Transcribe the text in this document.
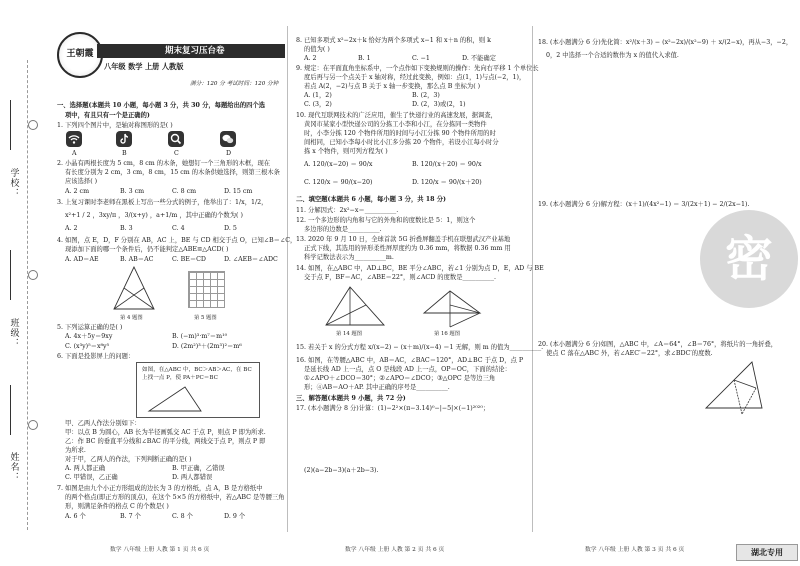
学校：
班级：
姓名：
王朝霞	期末复习压台卷
八年级 数学 上册 人教版
满分：120 分 考试时间：120 分钟
一、选择题(本题共 10 小题，每小题 3 分，共 30 分，每题给出的四个选
项中，有且只有一个是正确的)
1. 下列四个图片中，是轴对称图形的是( )
A	B	C	D
2. 小晶有两根长度为 5 cm，8 cm 的木条，她想钉一个三角形的木框，现在
有长度分别为 2 cm，3 cm，8 cm，15 cm 的木条供她选择，则第三根木条
应该选择( )
A. 2 cm	B. 3 cm	C. 8 cm	D. 15 cm
3. 上复习课时李老师在黑板上写出一些分式的例子，他举出了：1/x，1/2，
x²+1 / 2 ，3xy/π ，3/(x+y) ，a+1/m ，其中正确的个数为( )
A. 2	B. 3	C. 4	D. 5
4. 如图，点 E，D，F 分别在 AB，AC 上，BE 与 CD 相交于点 O，已知∠B＝∠C，
现添加下面的哪一个条件后，仍不能判定△ABE≌△ACD( )
A. AD＝AE	B. AB＝AC	C. BE＝CD	D. ∠AEB＝∠ADC
第 4 题图	第 5 题图
5. 下列运算正确的是( )
A. 4x＋5y＝9xy	B. (−m)³·m⁷＝m¹⁰
C. (x³y)⁵＝x⁸y⁵	D. (2m²)³＋(2m³)²＝m⁶
6. 下面是投影屏上的问题：
如图，在△ABC 中，BC＞AB＞AC，在 BC
上找一点 P，使 PA＋PC＝BC
甲、乙两人作法分别如下：
甲：以点 B 为圆心，AB 长为半径画弧交 AC 于点 P，则点 P 即为所求.
乙：作 BC 的垂直平分线和∠BAC 的平分线，两线交于点 P，则点 P 即
为所求.
对于甲，乙两人的作法，下列判断正确的是( )
A. 两人都正确	B. 甲正确，乙错误
C. 甲错误，乙正确	D. 两人都错误
7. 如图是由九个小正方形组成的边长为 3 的方格纸，点 A，B 是方格纸中
的两个格点(即正方形的顶点)，在这个 5×5 的方格纸中，若△ABC 是等腰三角
形，则满足条件的格点 C 的个数是( )
A. 6 个	B. 7 个	C. 8 个	D. 9 个
数学 八年级 上册 人教 第 1 页 共 6 页
8. 已知多项式 x²−2x＋k 恰好为两个多项式 x−1 和 x＋n 的积，则 k
的值为( )
A. 2	B. 1	C. −1	D. 不能确定
9. 规定：在平面直角坐标系中，一个点作如下变换规则的操作：先向右平移 1 个单位长
度后再与另一个点关于 x 轴对称，经过此变换，例如：点(1，1)与点(−2，1)，
若点 A(2，−2)与点 B 关于 x 轴一步变换，那么点 B 坐标为( )
A. (1，2)	B. (2，3)
C. (3，2)	D. (2，3)或(2，1)
10. 现代互联网技术的广泛应用，催生了快递行业的高速发展，据调查，
黄冈市某家小型快递公司的分拣工小李和小江，在分拣同一类物件
时，小李分拣 120 个物件所用的时间与小江分拣 90 个物件所用的时
间相同，已知小李每小时比小江多分拣 20 个物件，若设小江每小时分
拣 x 个物件，则可列方程为( )
A. 120/(x−20) ＝ 90/x	B. 120/(x＋20) ＝ 90/x
C. 120/x ＝ 90/(x−20)	D. 120/x ＝ 90/(x＋20)
二、填空题(本题共 6 小题，每小题 3 分，共 18 分)
11. 分解因式：2x²−x＝__________.
12. 一个多边形的内角和与它的外角和的度数比是 5：1，则这个
多边形的边数是__________.
13. 2020 年 9 月 10 日，全球首款 5G 折叠屏翻盖手机在联想武汉产业基地
正式下线，其选用的异形柔性屏厚度约为 0.36 mm，将数据 0.36 mm 用
科学记数法表示为__________m.
14. 如图，在△ABC 中，AD⊥BC，BE 平分∠ABC，若∠1 分别为点 D，E，AD 与 BE
交于点 F，BF＝AC，∠ABE＝22°，则∠ACD 的度数是__________.
第 14 题图	第 16 题图
15. 若关于 x 的分式方程 x/(x−2) − (x＋m)/(x−4) ＝1 无解，则 m 的值为__________.
16. 如图，在等腰△ABC 中，AB＝AC，∠BAC＝120°，AD⊥BC 于点 D，点 P
是延长线 AD 上一点，点 O 是线段 AD 上一点，OP＝OC，下面的结论：
①∠APO＋∠DCO＝30°；②∠APO＝∠DCO；③△OPC 是等边三角
形；④AB＝AO＋AP. 其中正确的序号是__________.
三、解答题(本题共 9 小题，共 72 分)
17. (本小题满分 8 分)计算：(1)−2²×(π−3.14)⁰−|−5|×(−1)²⁰²⁰；
(2)(a−2b−3)(a＋2b−3).
数学 八年级 上册 人教 第 2 页 共 6 页
18. (本小题满分 6 分)先化简：x²/(x＋3) − (x²−2x)/(x²−9) ＋ x/(2−x)，再从−3，−2，
0，2 中选择一个合适的数作为 x 的值代入求值.
19. (本小题满分 6 分)解方程：(x＋1)/(4x²−1) ＝ 3/(2x＋1) − 2/(2x−1).
20. (本小题满分 6 分)如图，△ABC 中，∠A＝64°，∠B＝76°，将纸片的一角折叠，
使点 C 落在△ABC 外，若∠AEC′＝22°，求∠BDC′的度数.
密
数学 八年级 上册 人教 第 3 页 共 6 页	湖北专用
